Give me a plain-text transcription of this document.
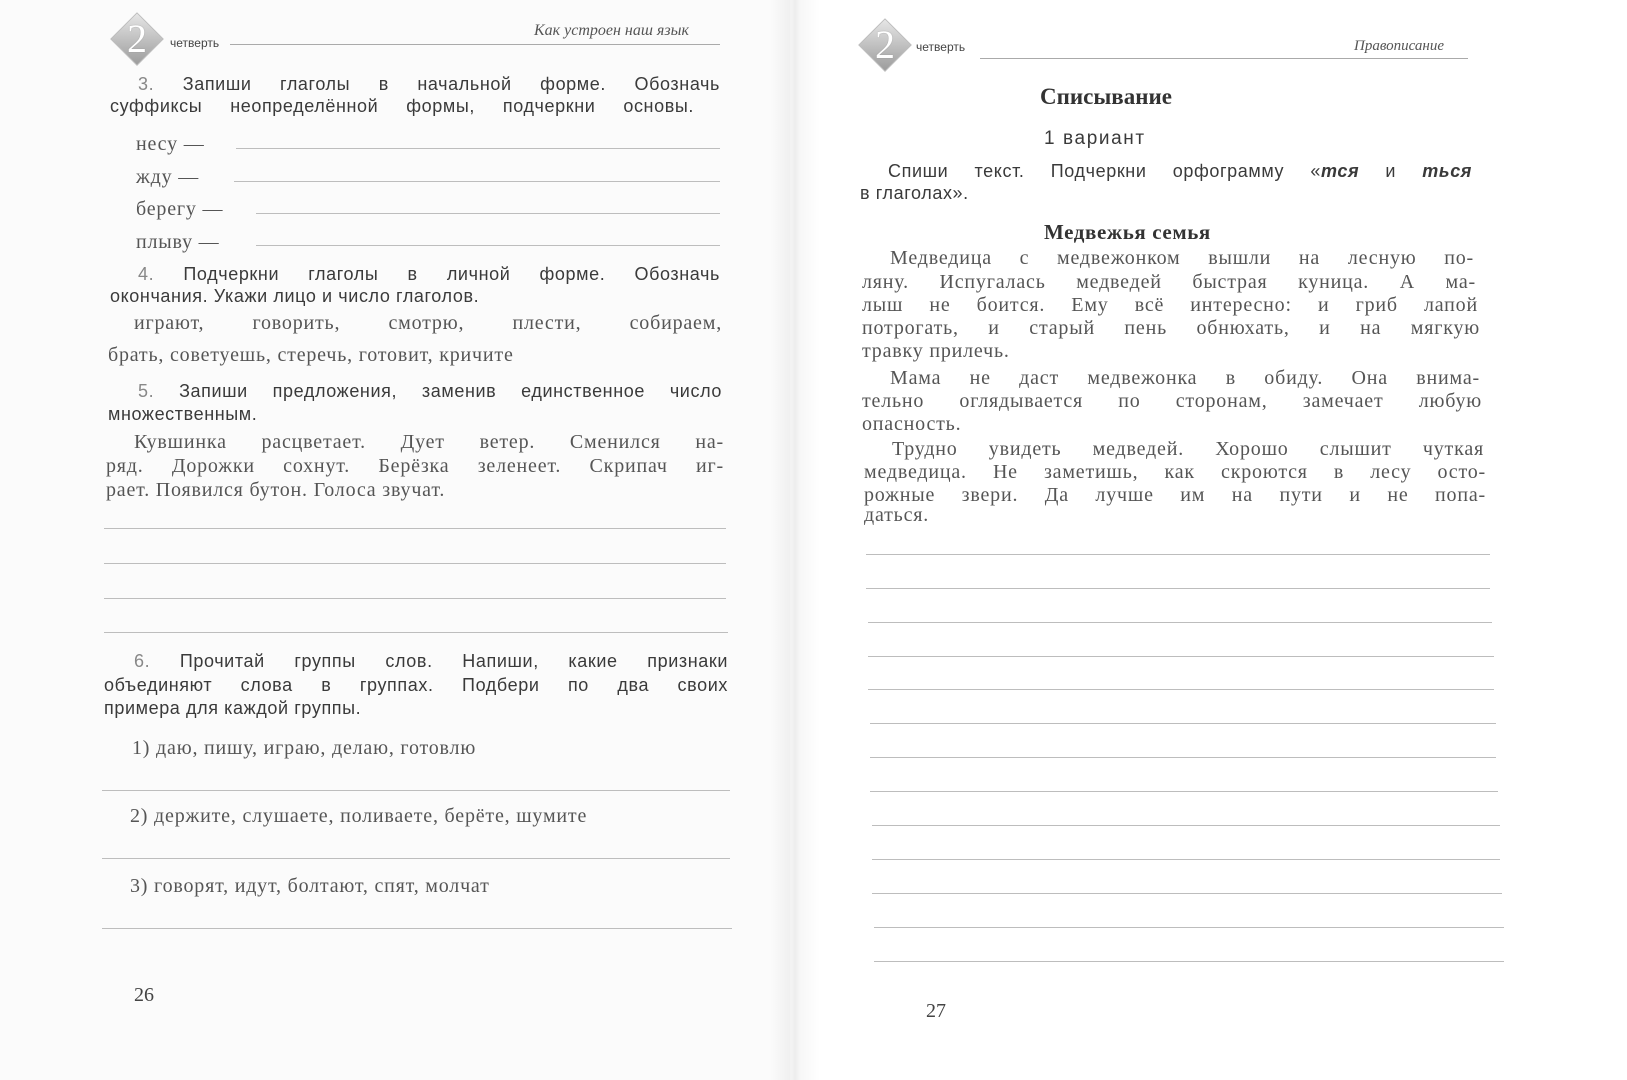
2	четверть
Как устроен наш язык
3. Запиши глаголы в начальной форме. Обозначь
суффиксы неопределённой формы, подчеркни основы.
несу —
жду —
берегу —
плыву —
4. Подчеркни глаголы в личной форме. Обозначь
окончания. Укажи лицо и число глаголов.
играют, говорить, смотрю, плести, собираем,
брать, советуешь, стеречь, готовит, кричите
5. Запиши предложения, заменив единственное число
множественным.
Кувшинка расцветает. Дует ветер. Сменился на-
ряд. Дорожки сохнут. Берёзка зеленеет. Скрипач иг-
рает. Появился бутон. Голоса звучат.
6. Прочитай группы слов. Напиши, какие признаки
объединяют слова в группах. Подбери по два своих
примера для каждой группы.
1) даю, пишу, играю, делаю, готовлю
2) держите, слушаете, поливаете, берёте, шумите
3) говорят, идут, болтают, спят, молчат
26
2	четверть	Правописание
Списывание
1 вариант
Спиши текст. Подчеркни орфограмму «тся и ться
в глаголах».
Медвежья семья
Медведица с медвежонком вышли на лесную по-
ляну. Испугалась медведей быстрая куница. А ма-
лыш не боится. Ему всё интересно: и гриб лапой
потрогать, и старый пень обнюхать, и на мягкую
травку прилечь.
Мама не даст медвежонка в обиду. Она внима-
тельно оглядывается по сторонам, замечает любую
опасность.
Трудно увидеть медведей. Хорошо слышит чуткая
медведица. Не заметишь, как скроются в лесу осто-
рожные звери. Да лучше им на пути и не попа-
даться.
27
